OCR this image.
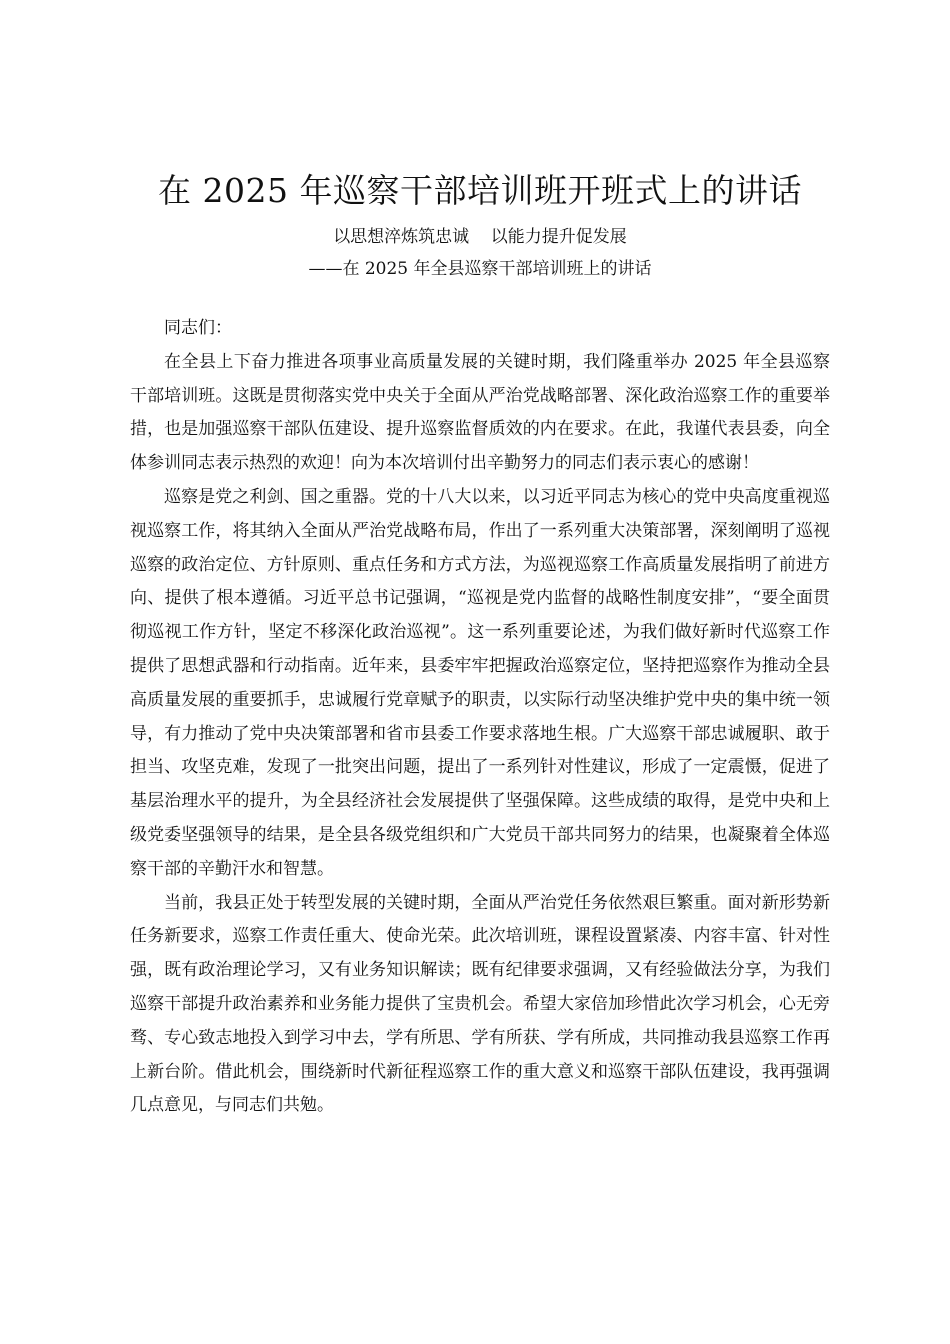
在 2025 年巡察干部培训班开班式上的讲话
以思想淬炼筑忠诚    以能力提升促发展
——在 2025 年全县巡察干部培训班上的讲话

同志们：

在全县上下奋力推进各项事业高质量发展的关键时期，我们隆重举办 2025 年全县巡察干部培训班。这既是贯彻落实党中央关于全面从严治党战略部署、深化政治巡察工作的重要举措，也是加强巡察干部队伍建设、提升巡察监督质效的内在要求。在此，我谨代表县委，向全体参训同志表示热烈的欢迎！向为本次培训付出辛勤努力的同志们表示衷心的感谢！

巡察是党之利剑、国之重器。党的十八大以来，以习近平同志为核心的党中央高度重视巡视巡察工作，将其纳入全面从严治党战略布局，作出了一系列重大决策部署，深刻阐明了巡视巡察的政治定位、方针原则、重点任务和方式方法，为巡视巡察工作高质量发展指明了前进方向、提供了根本遵循。习近平总书记强调，“巡视是党内监督的战略性制度安排”，“要全面贯彻巡视工作方针，坚定不移深化政治巡视”。这一系列重要论述，为我们做好新时代巡察工作提供了思想武器和行动指南。近年来，县委牢牢把握政治巡察定位，坚持把巡察作为推动全县高质量发展的重要抓手，忠诚履行党章赋予的职责，以实际行动坚决维护党中央的集中统一领导，有力推动了党中央决策部署和省市县委工作要求落地生根。广大巡察干部忠诚履职、敢于担当、攻坚克难，发现了一批突出问题，提出了一系列针对性建议，形成了一定震慑，促进了基层治理水平的提升，为全县经济社会发展提供了坚强保障。这些成绩的取得，是党中央和上级党委坚强领导的结果，是全县各级党组织和广大党员干部共同努力的结果，也凝聚着全体巡察干部的辛勤汗水和智慧。

当前，我县正处于转型发展的关键时期，全面从严治党任务依然艰巨繁重。面对新形势新任务新要求，巡察工作责任重大、使命光荣。此次培训班，课程设置紧凑、内容丰富、针对性强，既有政治理论学习，又有业务知识解读；既有纪律要求强调，又有经验做法分享，为我们巡察干部提升政治素养和业务能力提供了宝贵机会。希望大家倍加珍惜此次学习机会，心无旁骛、专心致志地投入到学习中去，学有所思、学有所获、学有所成，共同推动我县巡察工作再上新台阶。借此机会，围绕新时代新征程巡察工作的重大意义和巡察干部队伍建设，我再强调几点意见，与同志们共勉。
